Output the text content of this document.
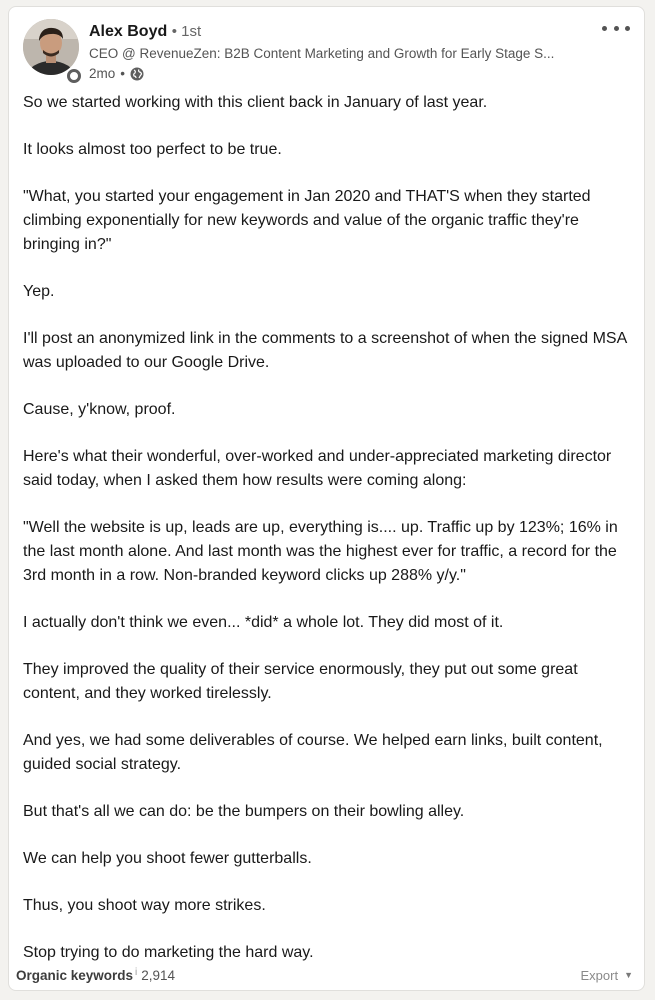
Alex Boyd • 1st
CEO @ RevenueZen: B2B Content Marketing and Growth for Early Stage S...
2mo •

So we started working with this client back in January of last year.

It looks almost too perfect to be true.

"What, you started your engagement in Jan 2020 and THAT'S when they started climbing exponentially for new keywords and value of the organic traffic they're bringing in?"

Yep.

I'll post an anonymized link in the comments to a screenshot of when the signed MSA was uploaded to our Google Drive.

Cause, y'know, proof.

Here's what their wonderful, over-worked and under-appreciated marketing director said today, when I asked them how results were coming along:

"Well the website is up, leads are up, everything is.... up. Traffic up by 123%; 16% in the last month alone. And last month was the highest ever for traffic, a record for the 3rd month in a row. Non-branded keyword clicks up 288% y/y."

I actually don't think we even... *did* a whole lot. They did most of it.

They improved the quality of their service enormously, they put out some great content, and they worked tirelessly.

And yes, we had some deliverables of course. We helped earn links, built content, guided social strategy.

But that's all we can do: be the bumpers on their bowling alley.

We can help you shoot fewer gutterballs.

Thus, you shoot way more strikes.

Stop trying to do marketing the hard way.

Organic keywords i 2,914	Export ▼
